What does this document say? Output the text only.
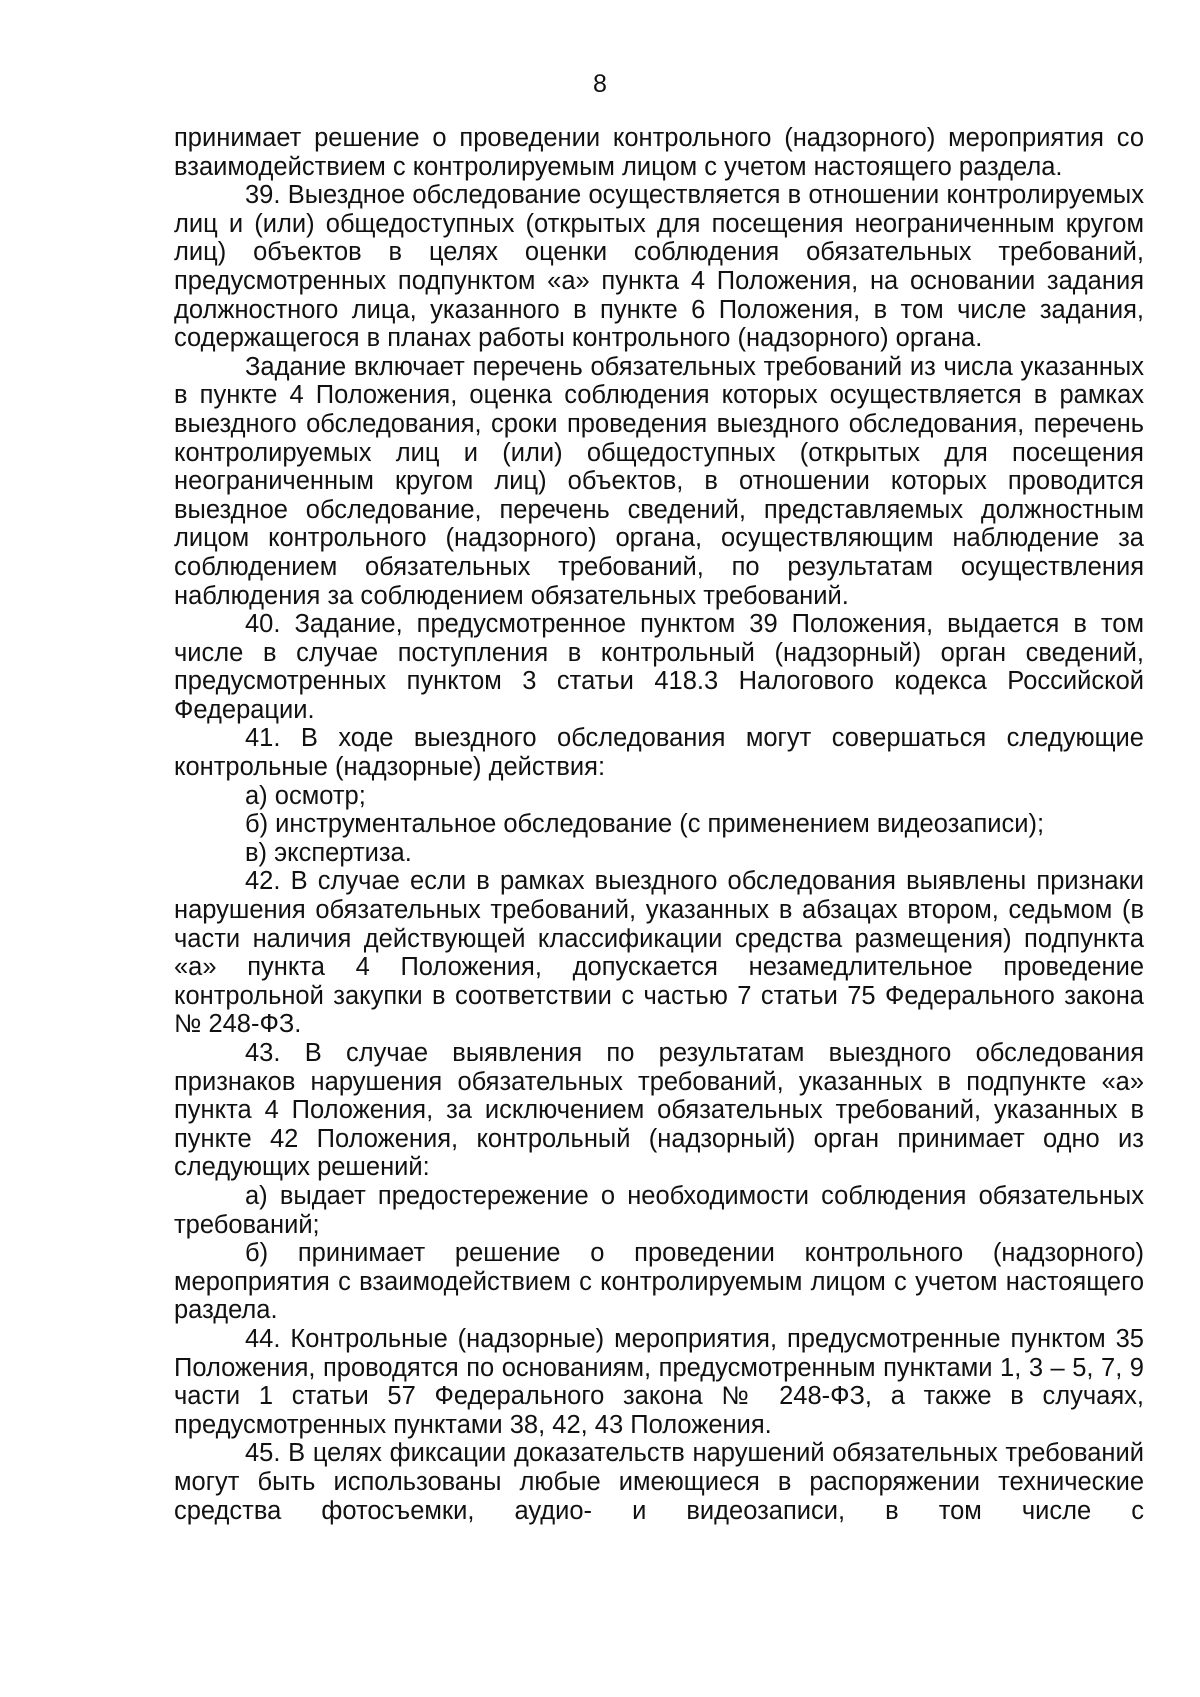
8

принимает решение о проведении контрольного (надзорного) мероприятия со взаимодействием с контролируемым лицом с учетом настоящего раздела.

39. Выездное обследование осуществляется в отношении контролируемых лиц и (или) общедоступных (открытых для посещения неограниченным кругом лиц) объектов в целях оценки соблюдения обязательных требований, предусмотренных подпунктом «а» пункта 4 Положения, на основании задания должностного лица, указанного в пункте 6 Положения, в том числе задания, содержащегося в планах работы контрольного (надзорного) органа.

Задание включает перечень обязательных требований из числа указанных в пункте 4 Положения, оценка соблюдения которых осуществляется в рамках выездного обследования, сроки проведения выездного обследования, перечень контролируемых лиц и (или) общедоступных (открытых для посещения неограниченным кругом лиц) объектов, в отношении которых проводится выездное обследование, перечень сведений, представляемых должностным лицом контрольного (надзорного) органа, осуществляющим наблюдение за соблюдением обязательных требований, по результатам осуществления наблюдения за соблюдением обязательных требований.

40. Задание, предусмотренное пунктом 39 Положения, выдается в том числе в случае поступления в контрольный (надзорный) орган сведений, предусмотренных пунктом 3 статьи 418.3 Налогового кодекса Российской Федерации.

41. В ходе выездного обследования могут совершаться следующие контрольные (надзорные) действия:

а) осмотр;

б) инструментальное обследование (с применением видеозаписи);

в) экспертиза.

42. В случае если в рамках выездного обследования выявлены признаки нарушения обязательных требований, указанных в абзацах втором, седьмом (в части наличия действующей классификации средства размещения) подпункта «а» пункта 4 Положения, допускается незамедлительное проведение контрольной закупки в соответствии с частью 7 статьи 75 Федерального закона № 248-ФЗ.

43. В случае выявления по результатам выездного обследования признаков нарушения обязательных требований, указанных в подпункте «а» пункта 4 Положения, за исключением обязательных требований, указанных в пункте 42 Положения, контрольный (надзорный) орган принимает одно из следующих решений:

а) выдает предостережение о необходимости соблюдения обязательных требований;

б) принимает решение о проведении контрольного (надзорного) мероприятия с взаимодействием с контролируемым лицом с учетом настоящего раздела.

44. Контрольные (надзорные) мероприятия, предусмотренные пунктом 35 Положения, проводятся по основаниям, предусмотренным пунктами 1, 3 – 5, 7, 9 части 1 статьи 57 Федерального закона № 248-ФЗ, а также в случаях, предусмотренных пунктами 38, 42, 43 Положения.

45. В целях фиксации доказательств нарушений обязательных требований могут быть использованы любые имеющиеся в распоряжении технические средства фотосъемки, аудио- и видеозаписи, в том числе с
